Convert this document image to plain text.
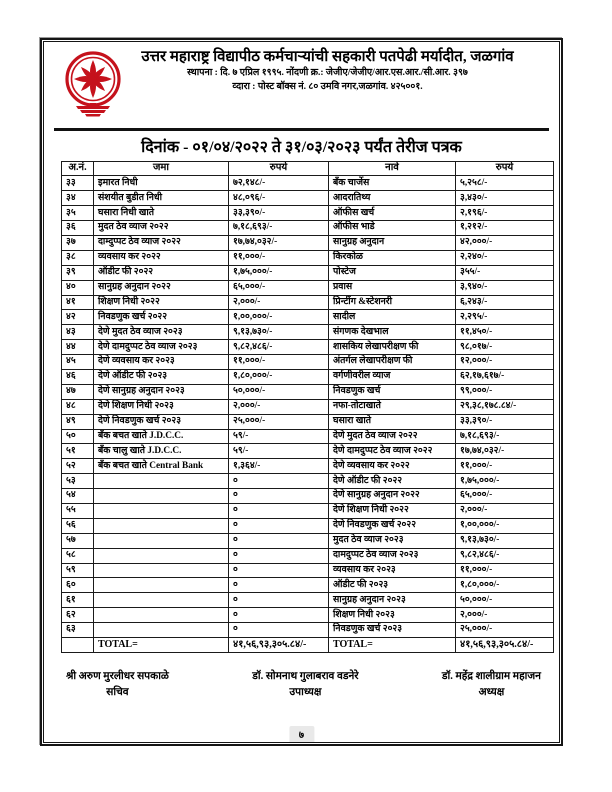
उत्तर महाराष्ट्र विद्यापीठ कर्मचाऱ्यांची सहकारी पतपेढी मर्यादीत, जळगांव
स्थापना : दि. ७ एप्रिल १९९५. नोंदणी क्र.: जेजीए/जेजीए/आर.एस.आर./सी.आर. ३९७
व्दारा : पोस्ट बॉक्स नं. ८० उमवि नगर,जळगांव. ४२५००१.
दिनांक - ०१/०४/२०२२ ते ३१/०३/२०२३ पर्यंत तेरीज पत्रक
अ.नं.	जमा	रुपये	नावे	रुपये
३३	इमारत निधी	७२,१४८/-	बँक चार्जेस	५,२५८/-
३४	संशयीत बुडीत निधी	४८,०९६/-	आदरातिथ्य	३,४३०/-
३५	घसारा निधी खाते	३३,३९०/-	ऑफीस खर्च	२,१९६/-
३६	मुदत ठेव व्याज २०२२	७,१८,६९३/-	ऑफीस भाडे	१,२१२/-
३७	दाम्दुप्पट ठेव व्याज २०२२	१७,७४,०३२/-	सानुग्रह अनुदान	४२,०००/-
३८	व्यवसाय कर २०२२	११,०००/-	किरकोळ	२,२४०/-
३९	ऑडीट फी २०२२	१,७५,०००/-	पोस्टेज	३५५/-
४०	सानुग्रह अनुदान २०२२	६५,०००/-	प्रवास	३,९४०/-
४१	शिक्षण निधी २०२२	२,०००/-	प्रिन्टींग &स्टेशनरी	६,२४३/-
४२	निवडणुक खर्च २०२२	१,००,०००/-	सादील	२,२९५/-
४३	देणे मुदत ठेव व्याज २०२३	९,१३,७३०/-	संगणक देखभाल	११,४५०/-
४४	देणे दामदुप्पट ठेव व्याज २०२३	९,८२,४८६/-	शासकिय लेखापरीक्षण फी	९८,०१७/-
४५	देणे व्यवसाय कर २०२३	११,०००/-	अंतर्गल लेखापरीक्षण फी	१२,०००/-
४६	देणे ऑडीट फी २०२३	१,८०,०००/-	वर्गणीवरील व्याज	६२,१७,६१७/-
४७	देणे सानुग्रह अनुदान २०२३	५०,०००/-	निवडणुक खर्च	९९,०००/-
४८	देणे शिक्षण निधी २०२३	२,०००/-	नफा-तोटाखाते	२९,३८,१७८.८४/-
४९	देणे निवडणुक खर्च २०२३	२५,०००/-	घसारा खाते	३३,३९०/-
५०	बँक बचत खाते J.D.C.C.	५९/-	देणे मुदत ठेव व्याज २०२२	७,१८,६९३/-
५१	बँक चालु खाते J.D.C.C.	५९/-	देणे दामदुप्पट ठेव व्याज २०२२	१७,७४,०३२/-
५२	बँक बचत खाते Central Bank	१,३६४/-	देणे व्यवसाय कर २०२२	११,०००/-
५३		०	देणे ऑडीट फी २०२२	१,७५,०००/-
५४		०	देणे सानुग्रह अनुदान २०२२	६५,०००/-
५५		०	देणे शिक्षण निधी २०२२	२,०००/-
५६		०	देणे निवडणुक खर्च २०२२	१,००,०००/-
५७		०	मुदत ठेव व्याज २०२३	९,१३,७३०/-
५८		०	दामदुप्पट ठेव व्याज २०२३	९,८२,४८६/-
५९		०	व्यवसाय कर २०२३	११,०००/-
६०		०	ऑडीट फी २०२३	१,८०,०००/-
६१		०	सानुग्रह अनुदान २०२३	५०,०००/-
६२		०	शिक्षण निधी २०२३	२,०००/-
६३		०	निवडणुक खर्च २०२३	२५,०००/-
	TOTAL=	४१,५६,९३,३०५.८४/-	TOTAL=	४१,५६,९३,३०५.८४/-
श्री अरुण मुरलीधर सपकाळे
सचिव
डॉ. सोमनाथ गुलाबराव वडनेरे
उपाध्यक्ष
डॉ. महेंद्र शालीग्राम महाजन
अध्यक्ष
७
